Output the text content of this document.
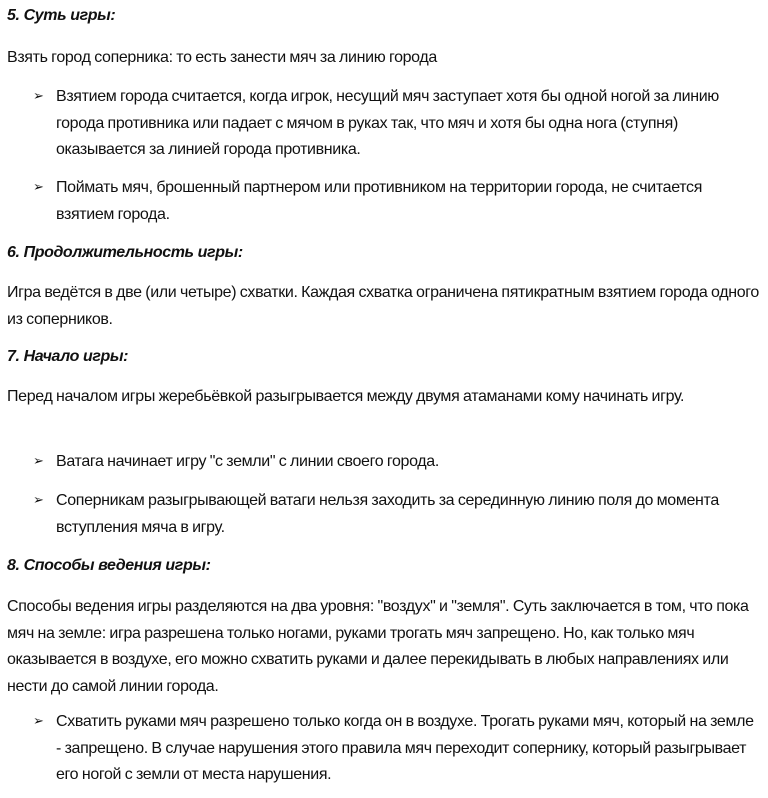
5. Суть игры:
Взять город соперника: то есть занести мяч за линию города
➢ Взятием города считается, когда игрок, несущий мяч заступает хотя бы одной ногой за линию города противника или падает с мячом в руках так, что мяч и хотя бы одна нога (ступня) оказывается за линией города противника.
➢ Поймать мяч, брошенный партнером или противником на территории города, не считается взятием города.
6. Продолжительность игры:
Игра ведётся в две (или четыре) схватки. Каждая схватка ограничена пятикратным взятием города одного из соперников.
7. Начало игры:
Перед началом игры жеребьёвкой разыгрывается между двумя атаманами кому начинать игру.
➢ Ватага начинает игру "с земли" с линии своего города.
➢ Соперникам разыгрывающей ватаги нельзя заходить за серединную линию поля до момента вступления мяча в игру.
8. Способы ведения игры:
Способы ведения игры разделяются на два уровня: "воздух" и "земля". Суть заключается в том, что пока мяч на земле: игра разрешена только ногами, руками трогать мяч запрещено. Но, как только мяч оказывается в воздухе, его можно схватить руками и далее перекидывать в любых направлениях или нести до самой линии города.
➢ Схватить руками мяч разрешено только когда он в воздухе. Трогать руками мяч, который на земле - запрещено. В случае нарушения этого правила мяч переходит сопернику, который разыгрывает его ногой с земли от места нарушения.
